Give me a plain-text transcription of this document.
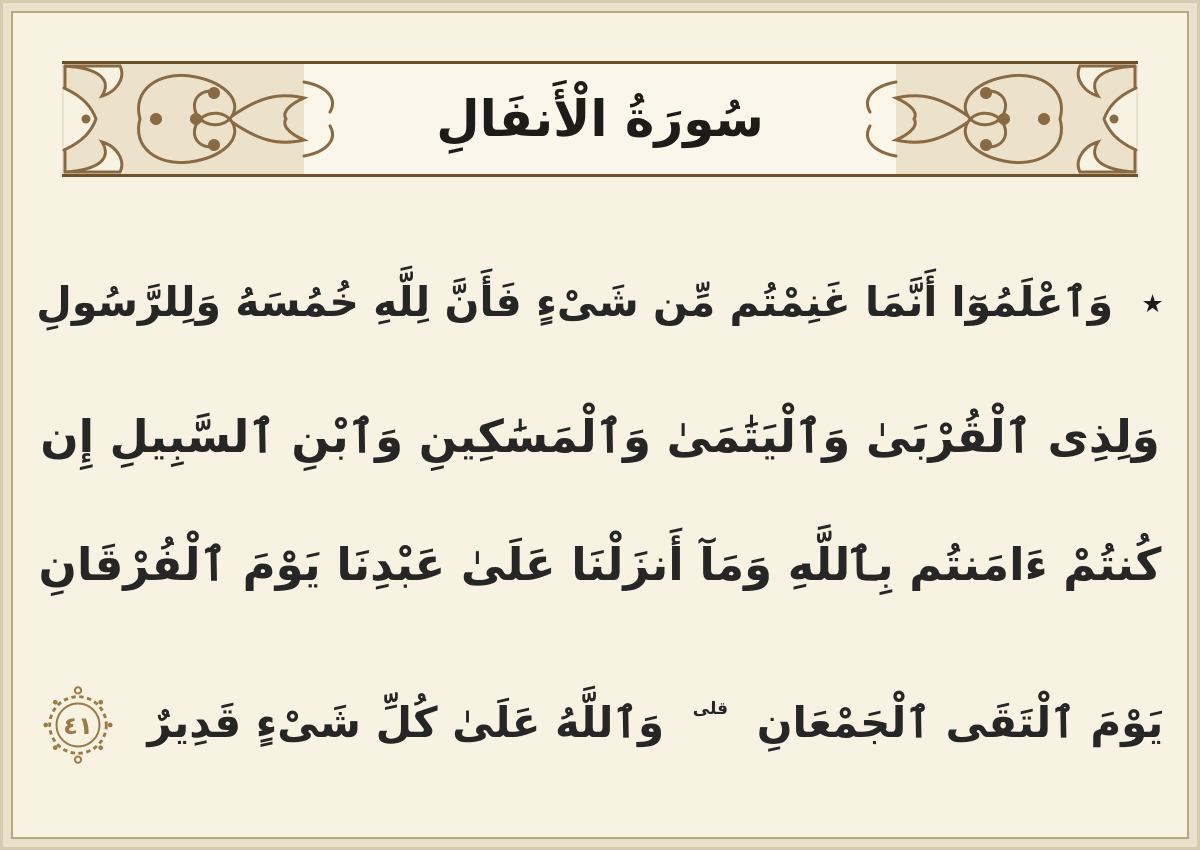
سُورَةُ الْأَنفَالِ
٭ وَٱعْلَمُوٓا أَنَّمَا غَنِمْتُم مِّن شَىْءٍ فَأَنَّ لِلَّهِ خُمُسَهُ وَلِلرَّسُولِ
وَلِذِى ٱلْقُرْبَىٰ وَٱلْيَتَٰمَىٰ وَٱلْمَسَٰكِينِ وَٱبْنِ ٱلسَّبِيلِ إِن
كُنتُمْ ءَامَنتُم بِٱللَّهِ وَمَآ أَنزَلْنَا عَلَىٰ عَبْدِنَا يَوْمَ ٱلْفُرْقَانِ
يَوْمَ ٱلْتَقَى ٱلْجَمْعَانِ $^{قلى}$ وَٱللَّهُ عَلَىٰ كُلِّ شَىْءٍ قَدِيرٌ
٤١
